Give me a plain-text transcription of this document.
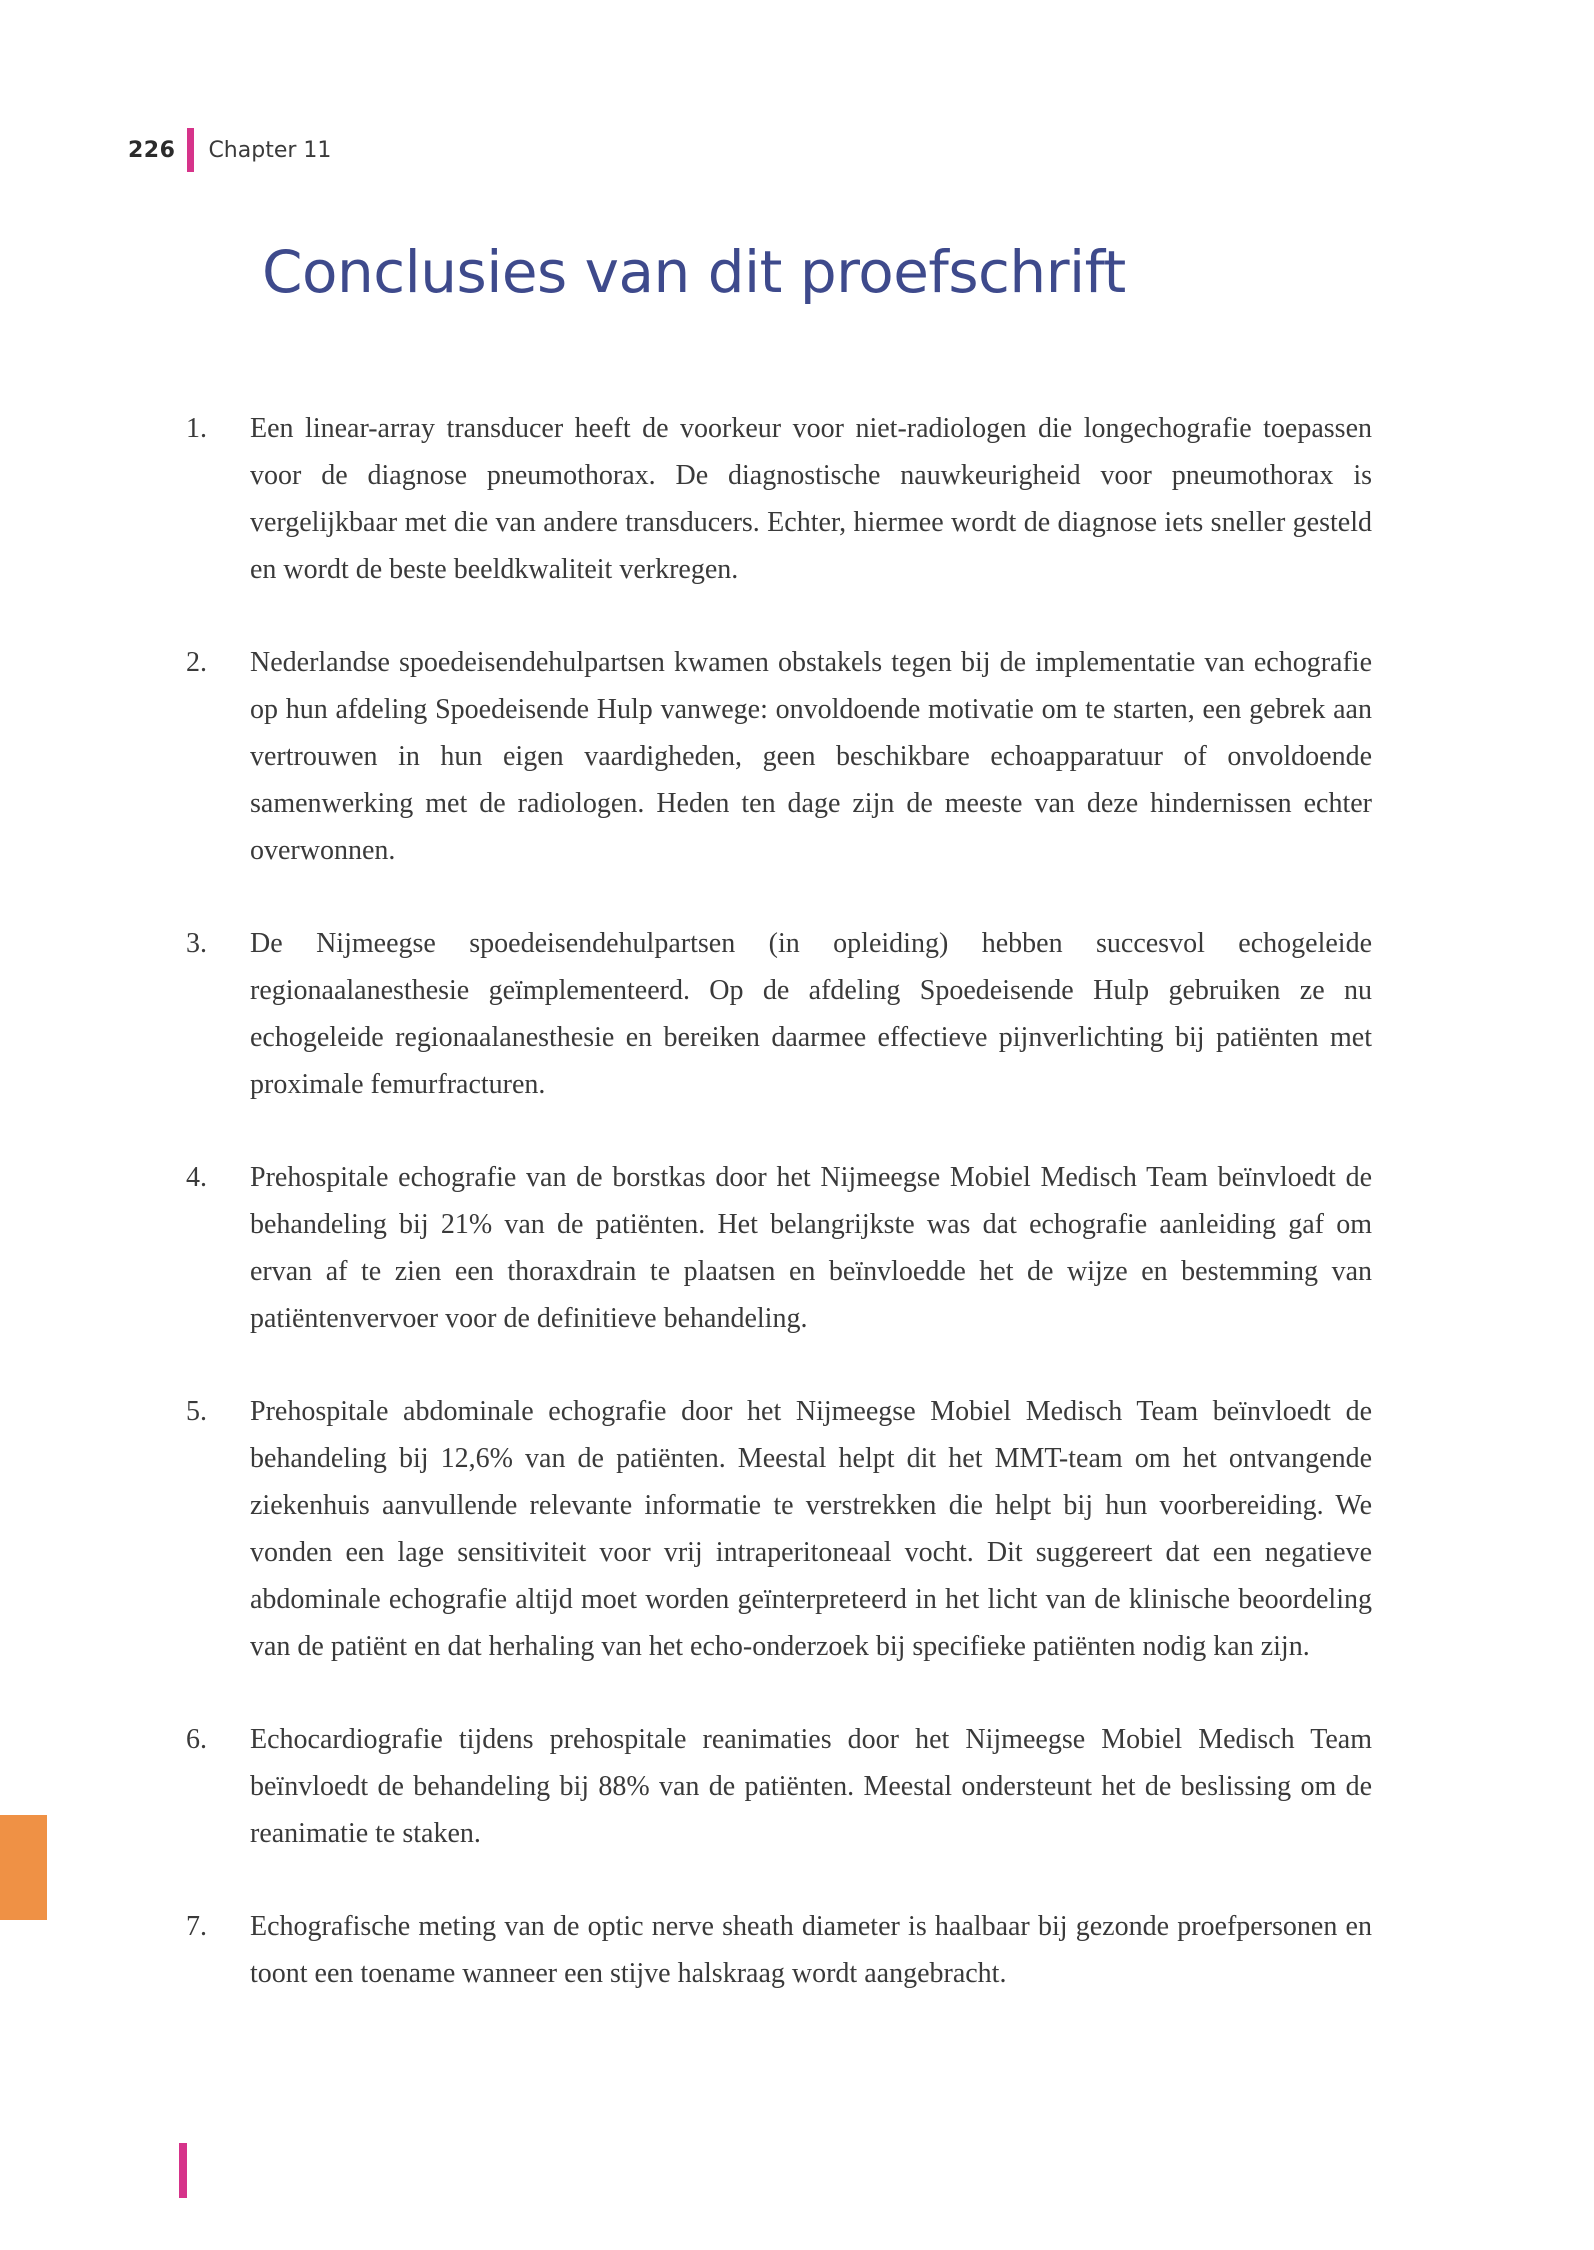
226 Chapter 11
Conclusies van dit proefschrift
1.	Een linear-array transducer heeft de voorkeur voor niet-radiologen die longechografie toepassen voor de diagnose pneumothorax. De diagnostische nauwkeurigheid voor pneumothorax is vergelijkbaar met die van andere transducers. Echter, hiermee wordt de diagnose iets sneller gesteld en wordt de beste beeldkwaliteit verkregen.
2.	Nederlandse spoedeisendehulpartsen kwamen obstakels tegen bij de implementatie van echografie op hun afdeling Spoedeisende Hulp vanwege: onvoldoende motivatie om te starten, een gebrek aan vertrouwen in hun eigen vaardigheden, geen beschikbare echoapparatuur of onvoldoende samenwerking met de radiologen. Heden ten dage zijn de meeste van deze hindernissen echter overwonnen.
3.	De Nijmeegse spoedeisendehulpartsen (in opleiding) hebben succesvol echogeleide regionaalanesthesie geïmplementeerd. Op de afdeling Spoedeisende Hulp gebruiken ze nu echogeleide regionaalanesthesie en bereiken daarmee effectieve pijnverlichting bij patiënten met proximale femurfracturen.
4.	Prehospitale echografie van de borstkas door het Nijmeegse Mobiel Medisch Team beïnvloedt de behandeling bij 21% van de patiënten. Het belangrijkste was dat echografie aanleiding gaf om ervan af te zien een thoraxdrain te plaatsen en beïnvloedde het de wijze en bestemming van patiëntenvervoer voor de definitieve behandeling.
5.	Prehospitale abdominale echografie door het Nijmeegse Mobiel Medisch Team beïnvloedt de behandeling bij 12,6% van de patiënten. Meestal helpt dit het MMT-team om het ontvangende ziekenhuis aanvullende relevante informatie te verstrekken die helpt bij hun voorbereiding. We vonden een lage sensitiviteit voor vrij intraperitoneaal vocht. Dit suggereert dat een negatieve abdominale echografie altijd moet worden geïnterpreteerd in het licht van de klinische beoordeling van de patiënt en dat herhaling van het echo-onderzoek bij specifieke patiënten nodig kan zijn.
6.	Echocardiografie tijdens prehospitale reanimaties door het Nijmeegse Mobiel Medisch Team beïnvloedt de behandeling bij 88% van de patiënten. Meestal ondersteunt het de beslissing om de reanimatie te staken.
7.	Echografische meting van de optic nerve sheath diameter is haalbaar bij gezonde proefpersonen en toont een toename wanneer een stijve halskraag wordt aangebracht.
